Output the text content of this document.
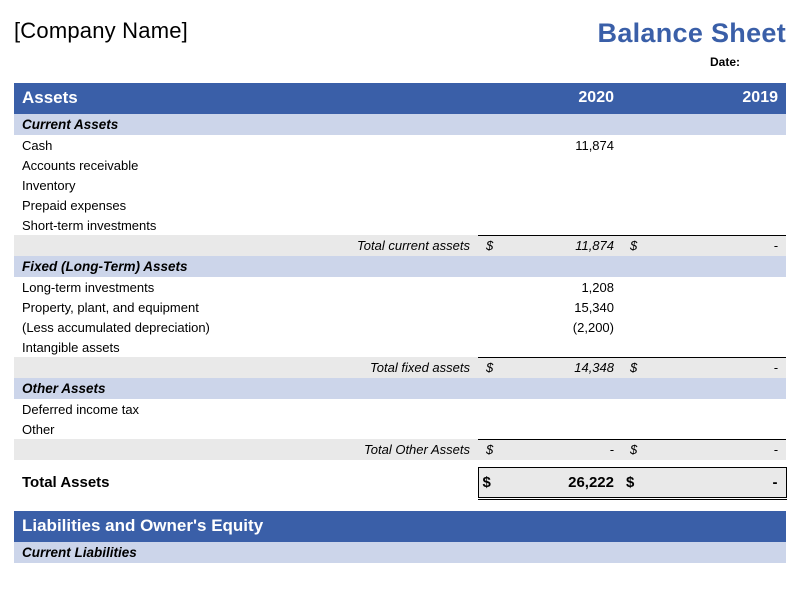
[Company Name]	Balance Sheet
Date:
Assets		2020		2019
Current Assets				
Cash		11,874		
Accounts receivable				
Inventory				
Prepaid expenses				
Short-term investments				
Total current assets	$	11,874	$	-
Fixed (Long-Term) Assets				
Long-term investments		1,208		
Property, plant, and equipment		15,340		
(Less accumulated depreciation)		(2,200)		
Intangible assets				
Total fixed assets	$	14,348	$	-
Other Assets				
Deferred income tax				
Other				
Total Other Assets	$	-	$	-

Total Assets	$	26,222	$	-

Liabilities and Owner's Equity				
Current Liabilities				
